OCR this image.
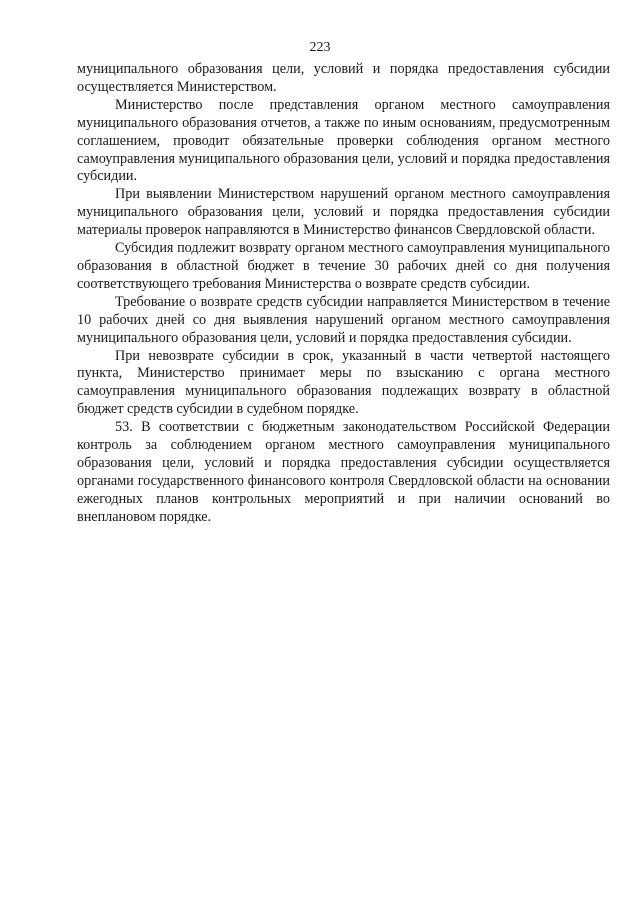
223

муниципального образования цели, условий и порядка предоставления субсидии осуществляется Министерством.

Министерство после представления органом местного самоуправления муниципального образования отчетов, а также по иным основаниям, предусмотренным соглашением, проводит обязательные проверки соблюдения органом местного самоуправления муниципального образования цели, условий и порядка предоставления субсидии.

При выявлении Министерством нарушений органом местного самоуправления муниципального образования цели, условий и порядка предоставления субсидии материалы проверок направляются в Министерство финансов Свердловской области.

Субсидия подлежит возврату органом местного самоуправления муниципального образования в областной бюджет в течение 30 рабочих дней со дня получения соответствующего требования Министерства о возврате средств субсидии.

Требование о возврате средств субсидии направляется Министерством в течение 10 рабочих дней со дня выявления нарушений органом местного самоуправления муниципального образования цели, условий и порядка предоставления субсидии.

При невозврате субсидии в срок, указанный в части четвертой настоящего пункта, Министерство принимает меры по взысканию с органа местного самоуправления муниципального образования подлежащих возврату в областной бюджет средств субсидии в судебном порядке.

53. В соответствии с бюджетным законодательством Российской Федерации контроль за соблюдением органом местного самоуправления муниципального образования цели, условий и порядка предоставления субсидии осуществляется органами государственного финансового контроля Свердловской области на основании ежегодных планов контрольных мероприятий и при наличии оснований во внеплановом порядке.
